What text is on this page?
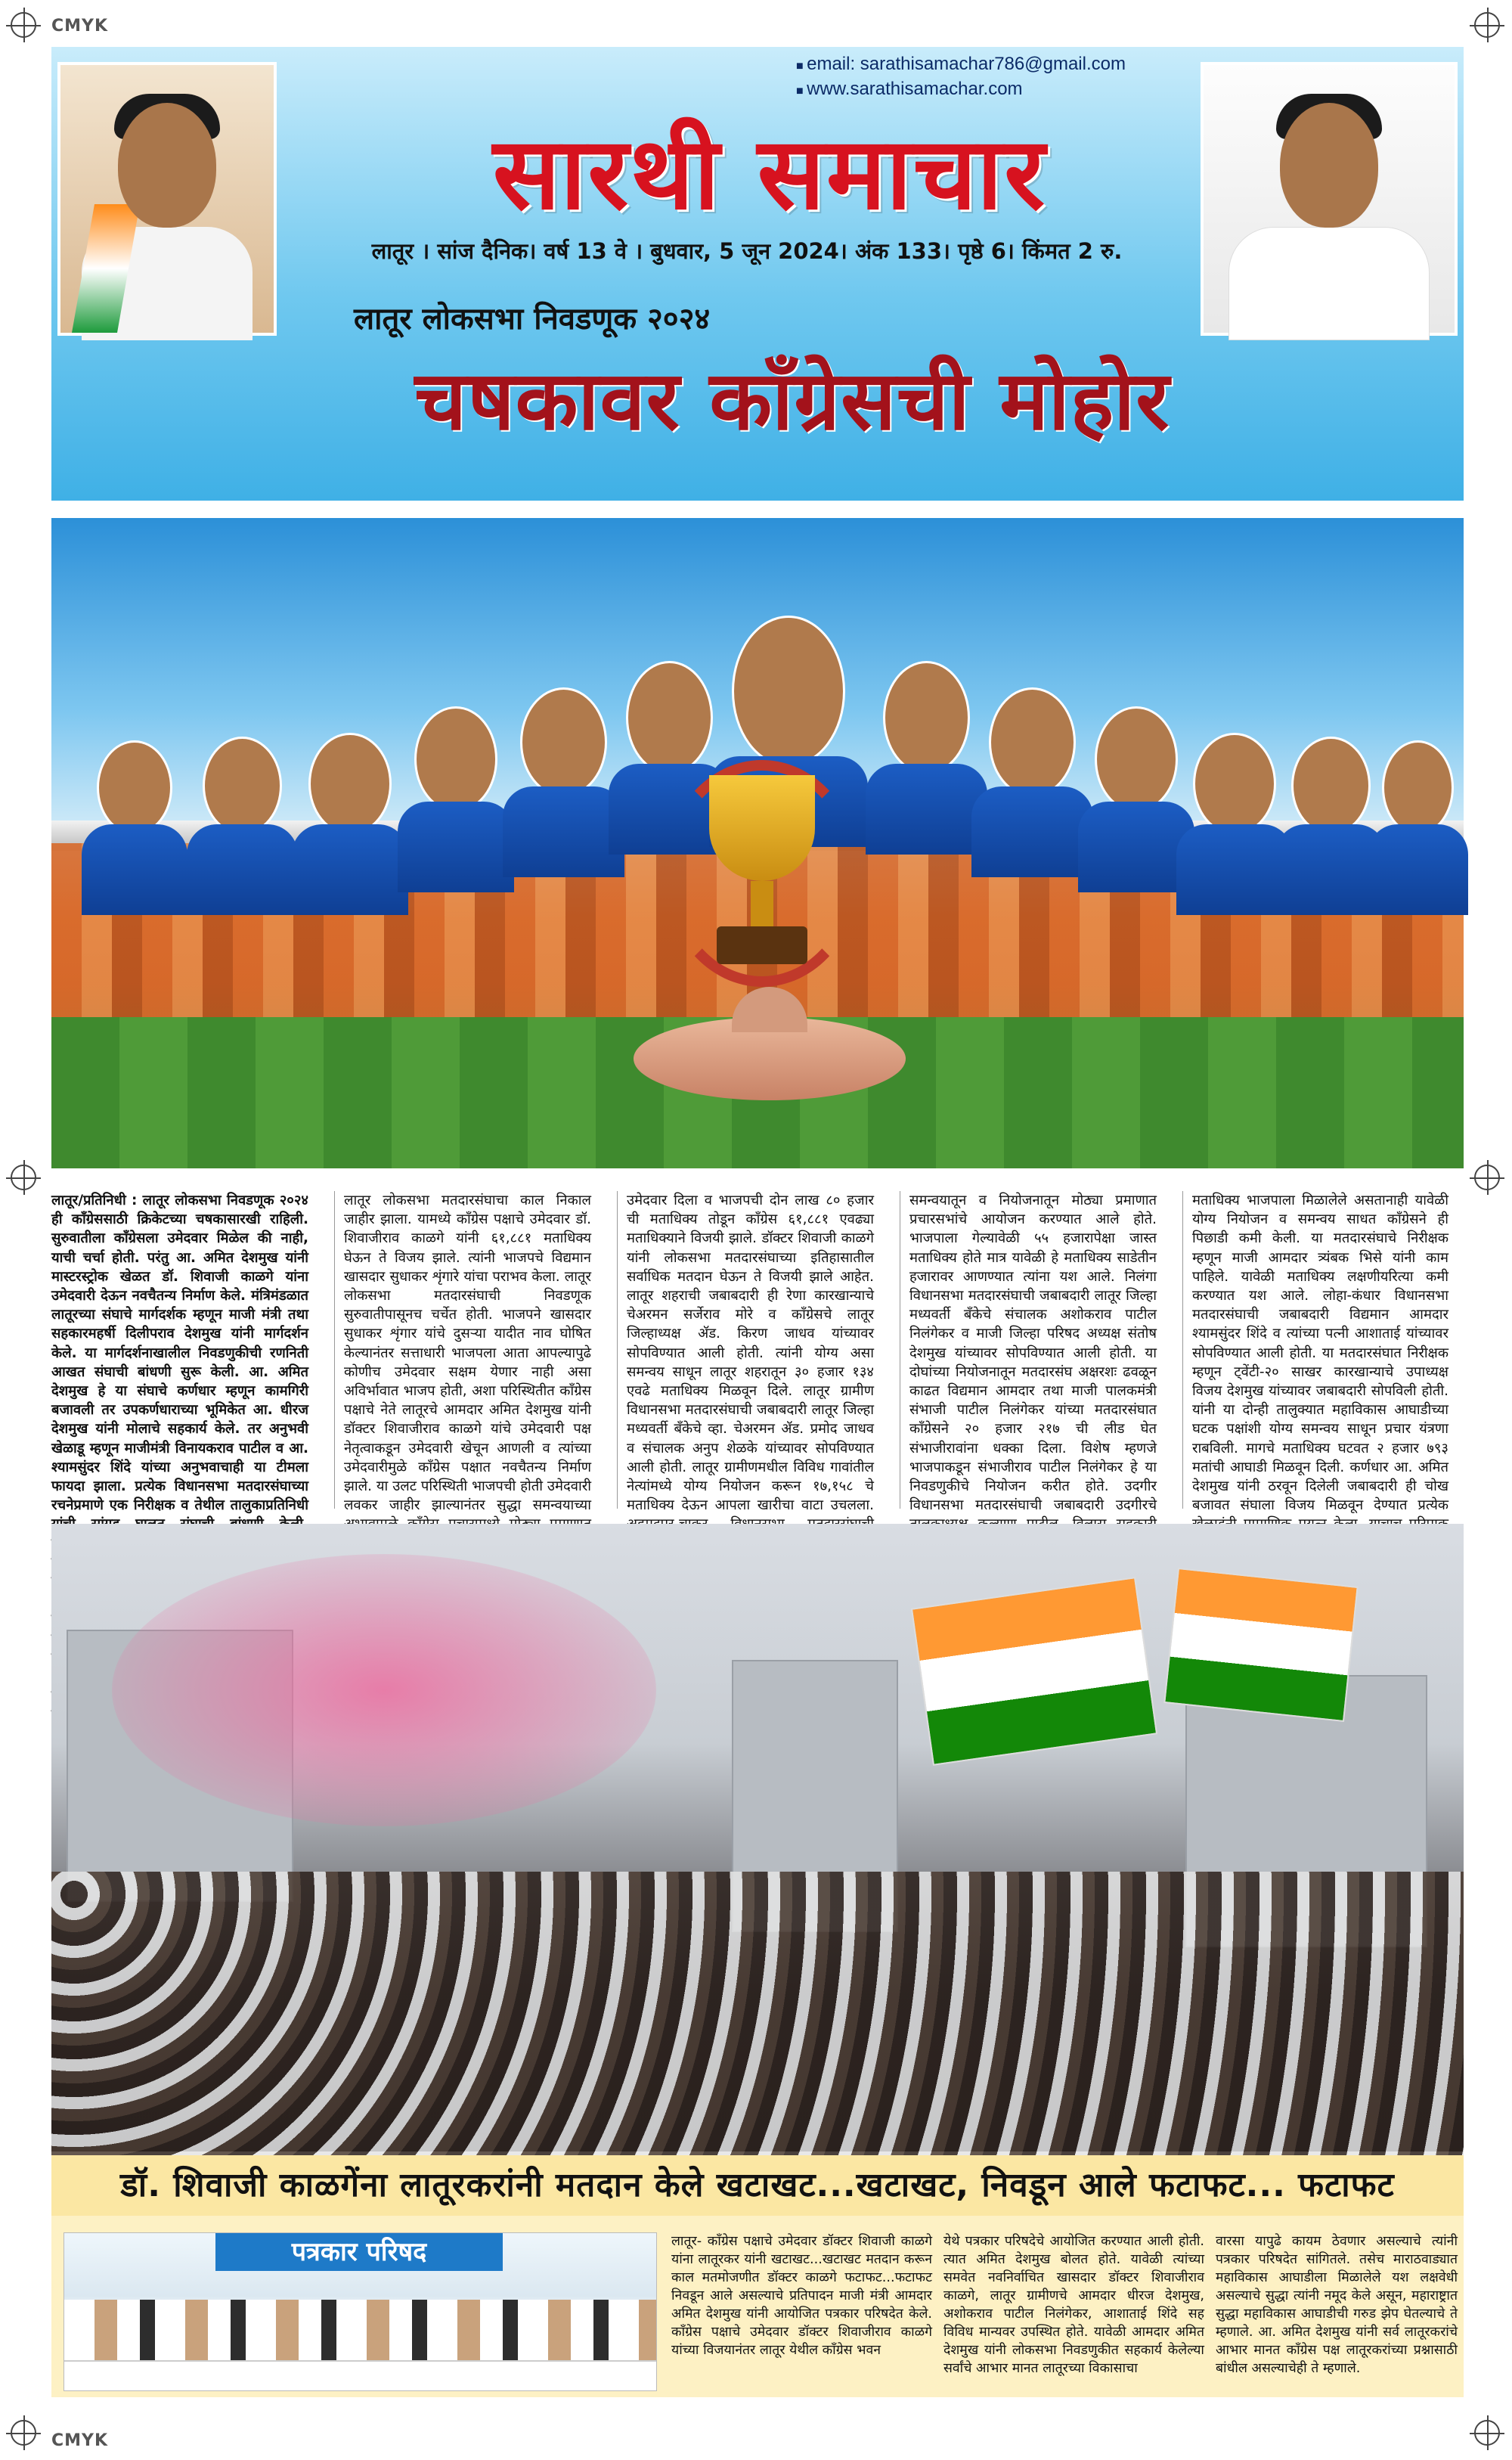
CMYK
CMYK
■ email: sarathisamachar786@gmail.com
■ www.sarathisamachar.com
सारथी समाचार
लातूर । सांज दैनिक। वर्ष 13 वे । बुधवार, 5 जून 2024। अंक 133। पृष्ठे 6। किंमत 2 रु.
लातूर लोकसभा निवडणूक २०२४
चषकावर काँग्रेसची मोहोर
लातूर/प्रतिनिधी : लातूर लोकसभा निवडणूक २०२४ ही काँग्रेससाठी क्रिकेटच्या चषकासारखी राहिली. सुरुवातीला काँग्रेसला उमेदवार मिळेल की नाही, याची चर्चा होती. परंतु आ. अमित देशमुख यांनी मास्टरस्ट्रोक खेळत डॉ. शिवाजी काळगे यांना उमेदवारी देऊन नवचैतन्य निर्माण केले. मंत्रिमंडळात लातूरच्या संघाचे मार्गदर्शक म्हणून माजी मंत्री तथा सहकारमहर्षी दिलीपराव देशमुख यांनी मार्गदर्शन केले. या मार्गदर्शनाखालील निवडणुकीची रणनिती आखत संघाची बांधणी सुरू केली. आ. अमित देशमुख हे या संघाचे कर्णधार म्हणून कामगिरी बजावली तर उपकर्णधाराच्या भूमिकेत आ. धीरज देशमुख यांनी मोलाचे सहकार्य केले. तर अनुभवी खेळाडू म्हणून माजीमंत्री विनायकराव पाटील व आ. श्यामसुंदर शिंदे यांच्या अनुभवाचाही या टीमला फायदा झाला. प्रत्येक विधानसभा मतदारसंघाच्या रचनेप्रमाणे एक निरीक्षक व तेथील तालुकाप्रतिनिधी
लातूर लोकसभा मतदारसंघाचा काल निकाल जाहीर झाला. यामध्ये काँग्रेस पक्षाचे उमेदवार डॉ. शिवाजीराव काळगे यांनी ६१,८८१ मताधिक्य घेऊन ते विजय झाले. त्यांनी भाजपचे विद्यमान खासदार सुधाकर शृंगारे यांचा पराभव केला. लातूर लोकसभा मतदारसंघाची निवडणूक सुरुवातीपासूनच चर्चेत होती. भाजपने खासदार सुधाकर शृंगार यांचे दुसऱ्या यादीत नाव घोषित केल्यानंतर सत्ताधारी भाजपला आता आपल्यापुढे कोणीच उमेदवार सक्षम येणार नाही असा अविर्भावात भाजप होती, अशा परिस्थितीत काँग्रेस पक्षाचे नेते लातूरचे आमदार अमित देशमुख यांनी डॉक्टर शिवाजीराव काळगे यांचे उमेदवारी पक्ष नेतृत्वाकडून उमेदवारी खेचून आणली व त्यांच्या उमेदवारीमुळे काँग्रेस पक्षात नवचैतन्य निर्माण झाले. या उलट परिस्थिती भाजपची होती उमेदवारी लवकर जाहीर झाल्यानंतर सुद्धा समन्वयाच्या
उमेदवार दिला व भाजपची दोन लाख ८० हजार ची मताधिक्य तोडून काँग्रेस ६१,८८१ एवढ्या मताधिक्याने विजयी झाले. डॉक्टर शिवाजी काळगे यांनी लोकसभा मतदारसंघाच्या इतिहासातील सर्वाधिक मतदान घेऊन ते विजयी झाले आहेत. लातूर शहराची जबाबदारी ही रेणा कारखान्याचे चेअरमन सर्जेराव मोरे व काँग्रेसचे लातूर जिल्हाध्यक्ष ॲड. किरण जाधव यांच्यावर सोपविण्यात आली होती. त्यांनी योग्य असा समन्वय साधून लातूर शहरातून ३० हजार १३४ एवढे मताधिक्य मिळवून दिले. लातूर ग्रामीण विधानसभा मतदारसंघाची जबाबदारी लातूर जिल्हा मध्यवर्ती बँकेचे व्हा. चेअरमन ॲड. प्रमोद जाधव व संचालक अनुप शेळके यांच्यावर सोपविण्यात आली होती. लातूर ग्रामीणमधील विविध गावांतील नेत्यांमध्ये योग्य नियोजन करून १७,१५८ चे मताधिक्य देऊन आपला खारीचा वाटा उचलला.
समन्वयातून व नियोजनातून मोठ्या प्रमाणात प्रचारसभांचे आयोजन करण्यात आले होते. भाजपाला गेल्यावेळी ५५ हजारापेक्षा जास्त मताधिक्य होते मात्र यावेळी हे मताधिक्य साडेतीन हजारावर आणण्यात त्यांना यश आले. निलंगा विधानसभा मतदारसंघाची जबाबदारी लातूर जिल्हा मध्यवर्ती बँकेचे संचालक अशोकराव पाटील निलंगेकर व माजी जिल्हा परिषद अध्यक्ष संतोष देशमुख यांच्यावर सोपविण्यात आली होती. या दोघांच्या नियोजनातून मतदारसंघ अक्षरशः ढवळून काढत विद्यमान आमदार तथा माजी पालकमंत्री संभाजी पाटील निलंगेकर यांच्या मतदारसंघात काँग्रेसने २० हजार २१७ ची लीड घेत संभाजीरावांना धक्का दिला. विशेष म्हणजे भाजपाकडून संभाजीराव पाटील निलंगेकर हे या निवडणुकीचे नियोजन करीत होते. उदगीर विधानसभा मतदारसंघाची जबाबदारी उदगीरचे
मताधिक्य भाजपाला मिळालेले असतानाही यावेळी योग्य नियोजन व समन्वय साधत काँग्रेसने ही पिछाडी कमी केली. या मतदारसंघाचे निरीक्षक म्हणून माजी आमदार त्र्यंबक भिसे यांनी काम पाहिले. यावेळी मताधिक्य लक्षणीयरित्या कमी करण्यात यश आले. लोहा-कंधार विधानसभा मतदारसंघाची जबाबदारी विद्यमान आमदार श्यामसुंदर शिंदे व त्यांच्या पत्नी आशाताई यांच्यावर सोपविण्यात आली होती. या मतदारसंघात निरीक्षक म्हणून ट्वेंटी-२० साखर कारखान्याचे उपाध्यक्ष विजय देशमुख यांच्यावर जबाबदारी सोपविली होती. यांनी या दोन्ही तालुक्यात महाविकास आघाडीच्या घटक पक्षांशी योग्य समन्वय साधून प्रचार यंत्रणा राबविली. मागचे मताधिक्य घटवत २ हजार ७९३ मतांची आघाडी मिळवून दिली. कर्णधार आ. अमित देशमुख यांनी ठरवून दिलेली जबाबदारी ही चोख बजावत संघाला विजय मिळवून देण्यात प्रत्येक
डॉ. शिवाजी काळगेंना लातूरकरांनी मतदान केले खटाखट...खटाखट, निवडून आले फटाफट... फटाफट
पत्रकार परिषद	लातूर- काँग्रेस पक्षाचे उमेदवार डॉक्टर शिवाजी काळगे यांना लातूरकर यांनी खटाखट...खटाखट मतदान करून काल मतमोजणीत डॉक्टर काळगे फटाफट...फटाफट निवडून आले असल्याचे प्रतिपादन माजी मंत्री आमदार अमित देशमुख यांनी आयोजित पत्रकार परिषदेत केले. काँग्रेस पक्षाचे उमेदवार डॉक्टर शिवाजीराव काळगे यांच्या विजयानंतर लातूर येथील काँग्रेस भवन
येथे पत्रकार परिषदेचे आयोजित करण्यात आली होती. त्यात अमित देशमुख बोलत होते. यावेळी त्यांच्या समवेत नवनिर्वाचित खासदार डॉक्टर शिवाजीराव काळगे, लातूर ग्रामीणचे आमदार धीरज देशमुख, अशोकराव पाटील निलंगेकर, आशाताई शिंदे सह विविध मान्यवर उपस्थित होते. यावेळी आमदार अमित देशमुख यांनी लोकसभा निवडणुकीत सहकार्य केलेल्या सर्वांचे आभार मानत लातूरच्या विकासाचा
वारसा यापुढे कायम ठेवणार असल्याचे त्यांनी पत्रकार परिषदेत सांगितले. तसेच माराठवाड्यात महाविकास आघाडीला मिळालेले यश लक्षवेधी असल्याचे सुद्धा त्यांनी नमूद केले असून, महाराष्ट्रात सुद्धा महाविकास आघाडीची गरुड झेप घेतल्याचे ते म्हणाले. आ. अमित देशमुख यांनी सर्व लातूरकरांचे आभार मानत काँग्रेस पक्ष लातूरकरांच्या प्रश्नासाठी बांधील असल्याचेही ते म्हणाले.
